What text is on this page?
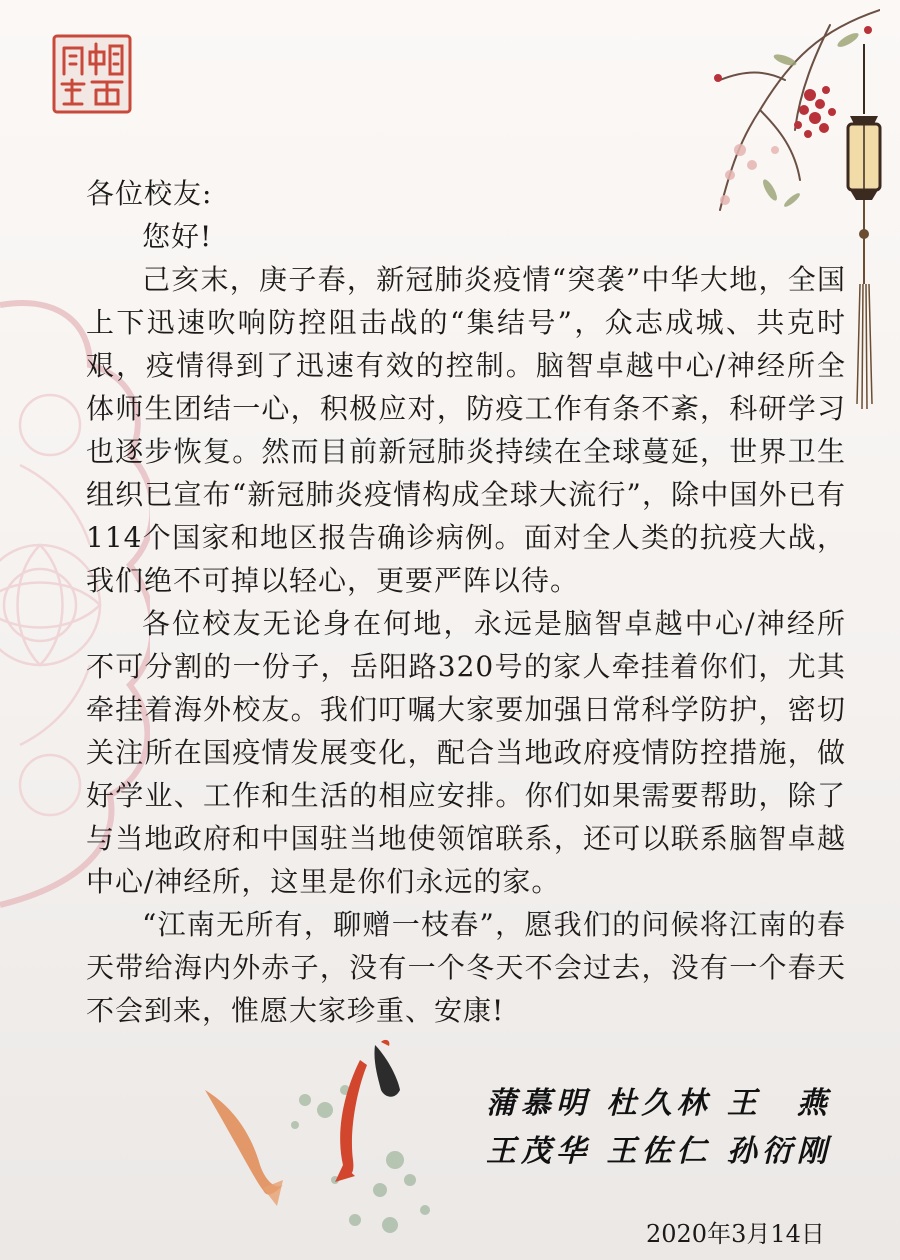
各位校友:
您好!

己亥末，庚子春，新冠肺炎疫情“突袭”中华大地，全国上下迅速吹响防控阻击战的“集结号”，众志成城、共克时艰，疫情得到了迅速有效的控制。脑智卓越中心/神经所全体师生团结一心，积极应对，防疫工作有条不紊，科研学习也逐步恢复。然而目前新冠肺炎持续在全球蔓延，世界卫生组织已宣布“新冠肺炎疫情构成全球大流行”，除中国外已有114个国家和地区报告确诊病例。面对全人类的抗疫大战，我们绝不可掉以轻心，更要严阵以待。

各位校友无论身在何地，永远是脑智卓越中心/神经所不可分割的一份子，岳阳路320号的家人牵挂着你们，尤其牵挂着海外校友。我们叮嘱大家要加强日常科学防护，密切关注所在国疫情发展变化，配合当地政府疫情防控措施，做好学业、工作和生活的相应安排。你们如果需要帮助，除了与当地政府和中国驻当地使领馆联系，还可以联系脑智卓越中心/神经所，这里是你们永远的家。

“江南无所有，聊赠一枝春”，愿我们的问候将江南的春天带给海内外赤子，没有一个冬天不会过去，没有一个春天不会到来，惟愿大家珍重、安康!

蒲慕明 杜久林 王　燕
王茂华 王佐仁 孙衍刚
2020年3月14日
